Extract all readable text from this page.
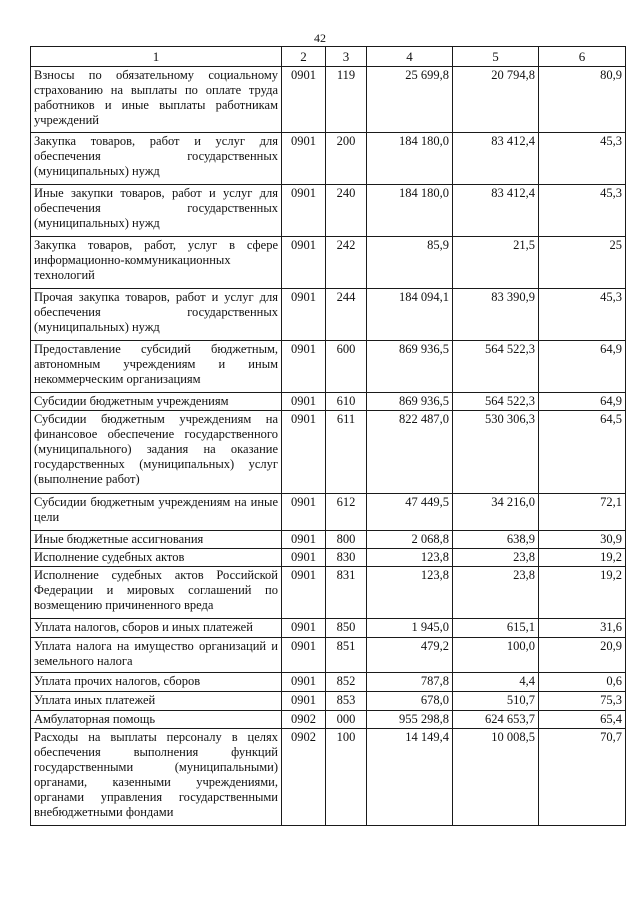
42
1	2	3	4	5	6
Взносы по обязательному социальному страхованию на выплаты по оплате труда работников и иные выплаты работникам учреждений	0901	119	25 699,8	20 794,8	80,9
Закупка товаров, работ и услуг для обеспечения государственных (муниципальных) нужд	0901	200	184 180,0	83 412,4	45,3
Иные закупки товаров, работ и услуг для обеспечения государственных (муниципальных) нужд	0901	240	184 180,0	83 412,4	45,3
Закупка товаров, работ, услуг в сфере информационно-коммуникационных технологий	0901	242	85,9	21,5	25
Прочая закупка товаров, работ и услуг для обеспечения государственных (муниципальных) нужд	0901	244	184 094,1	83 390,9	45,3
Предоставление субсидий бюджетным, автономным учреждениям и иным некоммерческим организациям	0901	600	869 936,5	564 522,3	64,9
Субсидии бюджетным учреждениям	0901	610	869 936,5	564 522,3	64,9
Субсидии бюджетным учреждениям на финансовое обеспечение государственного (муниципального) задания на оказание государственных (муниципальных) услуг (выполнение работ)	0901	611	822 487,0	530 306,3	64,5
Субсидии бюджетным учреждениям на иные цели	0901	612	47 449,5	34 216,0	72,1
Иные бюджетные ассигнования	0901	800	2 068,8	638,9	30,9
Исполнение судебных актов	0901	830	123,8	23,8	19,2
Исполнение судебных актов Российской Федерации и мировых соглашений по возмещению причиненного вреда	0901	831	123,8	23,8	19,2
Уплата налогов, сборов и иных платежей	0901	850	1 945,0	615,1	31,6
Уплата налога на имущество организаций и земельного налога	0901	851	479,2	100,0	20,9
Уплата прочих налогов, сборов	0901	852	787,8	4,4	0,6
Уплата иных платежей	0901	853	678,0	510,7	75,3
Амбулаторная помощь	0902	000	955 298,8	624 653,7	65,4
Расходы на выплаты персоналу в целях обеспечения выполнения функций государственными (муниципальными) органами, казенными учреждениями, органами управления государственными внебюджетными фондами	0902	100	14 149,4	10 008,5	70,7
